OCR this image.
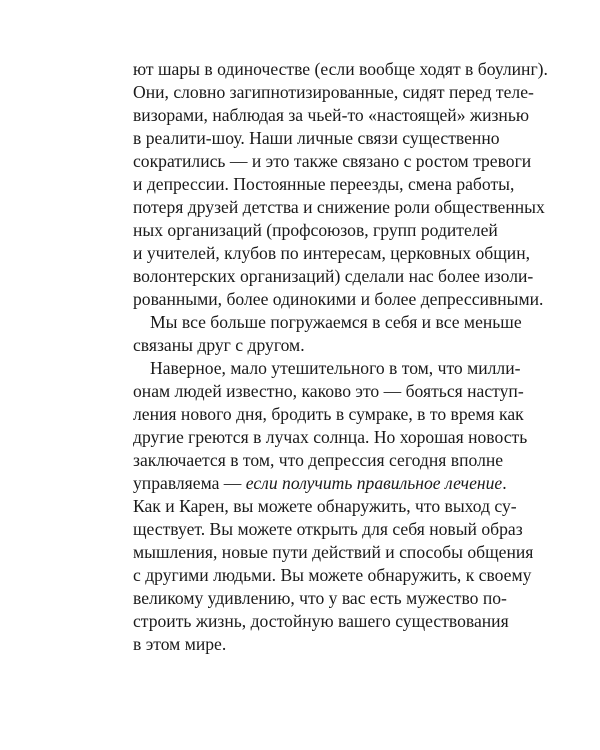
ют шары в одиночестве (если вообще ходят в боулинг).
Они, словно загипнотизированные, сидят перед теле-
визорами, наблюдая за чьей-то «настоящей» жизнью
в реалити-шоу. Наши личные связи существенно
сократились — и это также связано с ростом тревоги
и депрессии. Постоянные переезды, смена работы,
потеря друзей детства и снижение роли общественных
ных организаций (профсоюзов, групп родителей
и учителей, клубов по интересам, церковных общин,
волонтерских организаций) сделали нас более изоли-
рованными, более одинокими и более депрессивными.
Мы все больше погружаемся в себя и все меньше
связаны друг с другом.
Наверное, мало утешительного в том, что милли-
онам людей известно, каково это — бояться наступ-
ления нового дня, бродить в сумраке, в то время как
другие греются в лучах солнца. Но хорошая новость
заключается в том, что депрессия сегодня вполне
управляема — если получить правильное лечение.
Как и Карен, вы можете обнаружить, что выход су-
ществует. Вы можете открыть для себя новый образ
мышления, новые пути действий и способы общения
с другими людьми. Вы можете обнаружить, к своему
великому удивлению, что у вас есть мужество по-
строить жизнь, достойную вашего существования
в этом мире.
